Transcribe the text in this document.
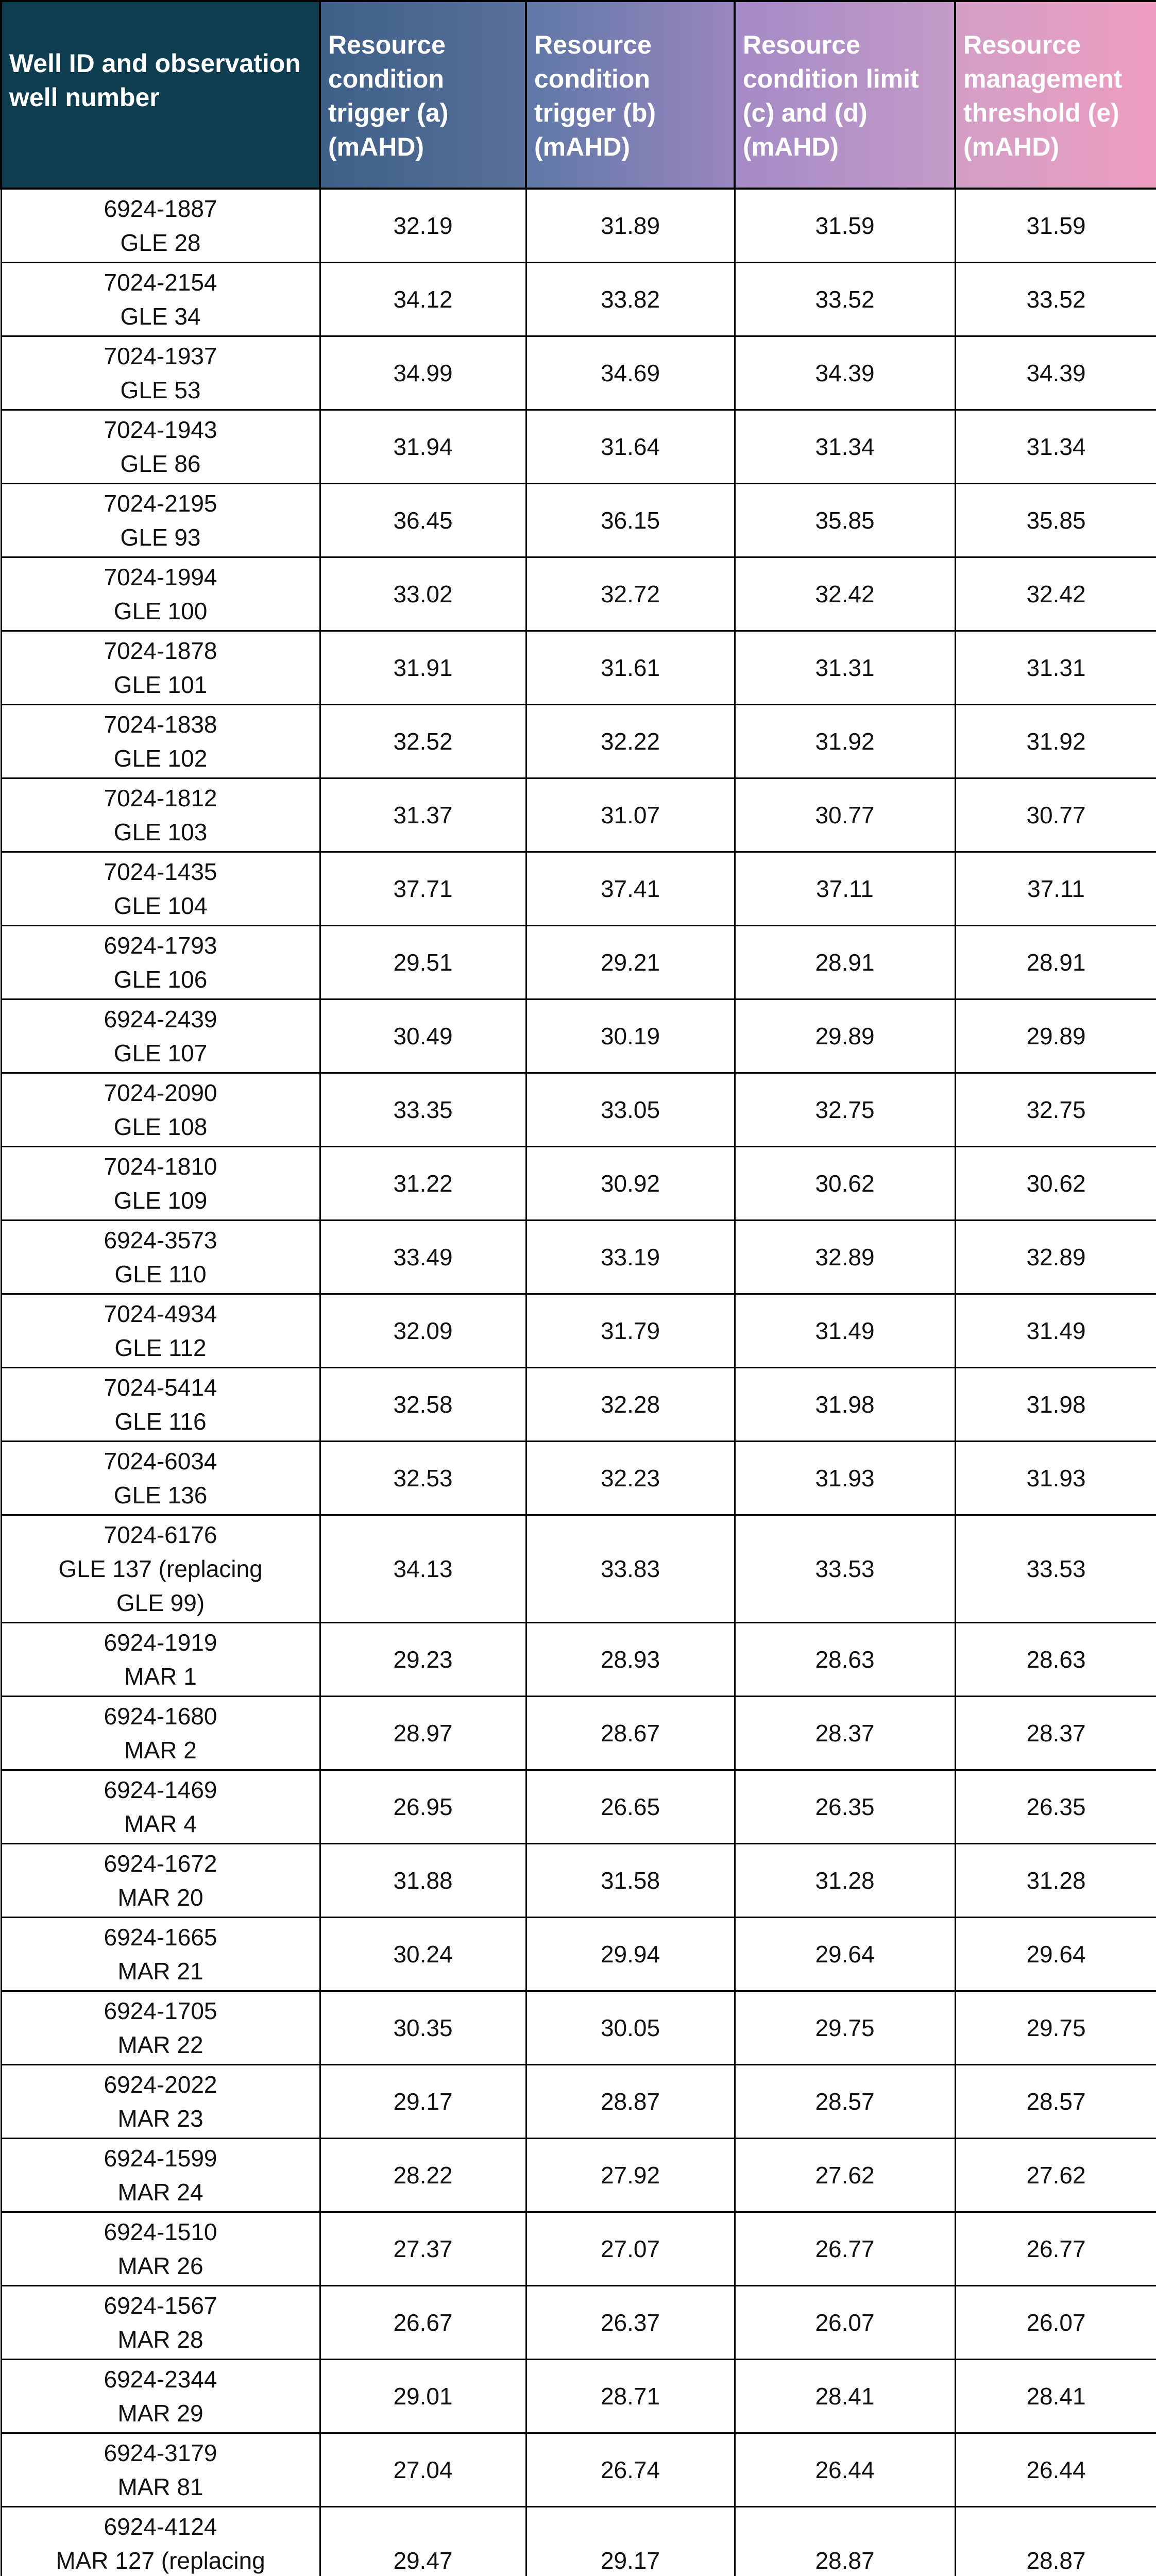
Well ID and observation well number	Resource condition trigger (a) (mAHD)	Resource condition trigger (b) (mAHD)	Resource condition limit (c) and (d) (mAHD)	Resource management threshold (e) (mAHD)

6924-1887
GLE 28	32.19	31.89	31.59	31.59

7024-2154
GLE 34	34.12	33.82	33.52	33.52

7024-1937
GLE 53	34.99	34.69	34.39	34.39

7024-1943
GLE 86	31.94	31.64	31.34	31.34

7024-2195
GLE 93	36.45	36.15	35.85	35.85

7024-1994
GLE 100	33.02	32.72	32.42	32.42

7024-1878
GLE 101	31.91	31.61	31.31	31.31

7024-1838
GLE 102	32.52	32.22	31.92	31.92

7024-1812
GLE 103	31.37	31.07	30.77	30.77

7024-1435
GLE 104	37.71	37.41	37.11	37.11

6924-1793
GLE 106	29.51	29.21	28.91	28.91

6924-2439
GLE 107	30.49	30.19	29.89	29.89

7024-2090
GLE 108	33.35	33.05	32.75	32.75

7024-1810
GLE 109	31.22	30.92	30.62	30.62

6924-3573
GLE 110	33.49	33.19	32.89	32.89

7024-4934
GLE 112	32.09	31.79	31.49	31.49

7024-5414
GLE 116	32.58	32.28	31.98	31.98

7024-6034
GLE 136	32.53	32.23	31.93	31.93

7024-6176
GLE 137 (replacing
GLE 99)	34.13	33.83	33.53	33.53

6924-1919
MAR 1	29.23	28.93	28.63	28.63

6924-1680
MAR 2	28.97	28.67	28.37	28.37

6924-1469
MAR 4	26.95	26.65	26.35	26.35

6924-1672
MAR 20	31.88	31.58	31.28	31.28

6924-1665
MAR 21	30.24	29.94	29.64	29.64

6924-1705
MAR 22	30.35	30.05	29.75	29.75

6924-2022
MAR 23	29.17	28.87	28.57	28.57

6924-1599
MAR 24	28.22	27.92	27.62	27.62

6924-1510
MAR 26	27.37	27.07	26.77	26.77

6924-1567
MAR 28	26.67	26.37	26.07	26.07

6924-2344
MAR 29	29.01	28.71	28.41	28.41

6924-3179
MAR 81	27.04	26.74	26.44	26.44

6924-4124
MAR 127 (replacing	29.47	29.17	28.87	28.87
